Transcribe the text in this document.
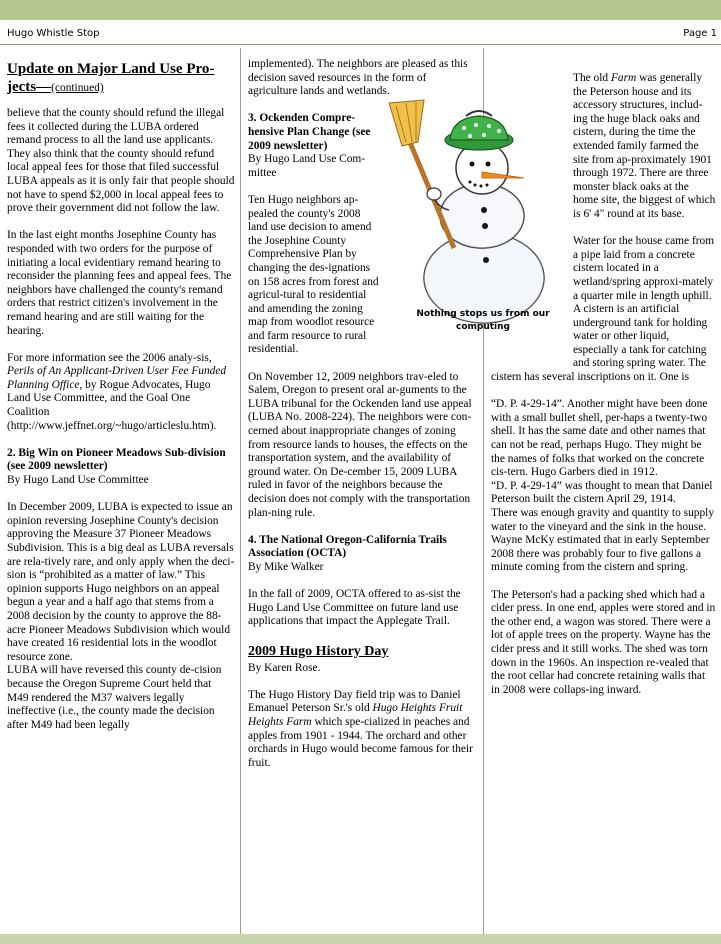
Hugo Whistle Stop	Page 1
Update on Major Land Use Pro-jects—(continued)

believe that the county should refund the illegal fees it collected during the LUBA ordered remand process to all the land use applicants. They also think that the county should refund local appeal fees for those that filed successful LUBA appeals as it is only fair that people should not have to spend $2,000 in local appeal fees to prove their government did not follow the law.

In the last eight months Josephine County has responded with two orders for the purpose of initiating a local evidentiary remand hearing to reconsider the planning fees and appeal fees. The neighbors have challenged the county's remand orders that restrict citizen's involvement in the remand hearing and are still waiting for the hearing.

For more information see the 2006 analy-sis, Perils of An Applicant-Driven User Fee Funded Planning Office, by Rogue Advocates, Hugo Land Use Committee, and the Goal One Coalition (http://www.jeffnet.org/~hugo/articleslu.htm).

2. Big Win on Pioneer Meadows Sub-division (see 2009 newsletter)

By Hugo Land Use Committee

In December 2009, LUBA is expected to issue an opinion reversing Josephine County's decision approving the Measure 37 Pioneer Meadows Subdivision. This is a big deal as LUBA reversals are rela-tively rare, and only apply when the deci-sion is “prohibited as a matter of law.” This opinion supports Hugo neighbors on an appeal begun a year and a half ago that stems from a 2008 decision by the county to approve the 88-acre Pioneer Meadows Subdivision which would have created 16 residential lots in the woodlot resource zone.

LUBA will have reversed this county de-cision because the Oregon Supreme Court held that M49 rendered the M37 waivers legally ineffective (i.e., the county made the decision after M49 had been legally

implemented). The neighbors are pleased as this decision saved resources in the form of agriculture lands and wetlands.

3. Ockenden Compre-hensive Plan Change (see 2009 newsletter)

By Hugo Land Use Com-mittee

Ten Hugo neighbors ap-pealed the county's 2008 land use decision to amend the Josephine County Comprehensive Plan by changing the des-ignations on 158 acres from forest and agricul-tural to residential and amending the zoning map from woodlot resource and farm resource to rural residential.

On November 12, 2009 neighbors trav-eled to Salem, Oregon to present oral ar-guments to the LUBA tribunal for the Ockenden land use appeal (LUBA No. 2008-224). The neighbors were con-cerned about inappropriate changes of zoning from resource lands to houses, the effects on the transportation system, and the availability of ground water. On De-cember 15, 2009 LUBA ruled in favor of the neighbors because the decision does not comply with the transportation plan-ning rule.

4. The National Oregon-California Trails Association (OCTA)

By Mike Walker

In the fall of 2009, OCTA offered to as-sist the Hugo Land Use Committee on future land use applications that impact the Applegate Trail.

2009 Hugo History Day

By Karen Rose.

The Hugo History Day field trip was to Daniel Emanuel Peterson Sr.'s old Hugo Heights Fruit Heights Farm which spe-cialized in peaches and apples from 1901 - 1944. The orchard and other orchards in Hugo would become famous for their fruit.

Nothing stops us from our computing

The old Farm was generally the Peterson house and its accessory structures, includ-ing the huge black oaks and cistern, during the time the extended family farmed the site from ap-proximately 1901 through 1972. There are three monster black oaks at the home site, the biggest of which is 6' 4" round at its base.

Water for the house came from a pipe laid from a concrete cistern located in a wetland/spring approxi-mately a quarter mile in length uphill. A cistern is an artificial underground tank for holding water or other liquid, especially a tank for catching and storing spring water. The cistern has several inscriptions on it. One is

“D. P. 4-29-14”. Another might have been done with a small bullet shell, per-haps a twenty-two shell. It has the same date and other names that can not be read, perhaps Hugo. They might be the names of folks that worked on the concrete cis-tern. Hugo Garbers died in 1912.
“D. P. 4-29-14” was thought to mean that Daniel Peterson built the cistern April 29, 1914.

There was enough gravity and quantity to supply water to the vineyard and the sink in the house. Wayne McKy estimated that in early September 2008 there was probably four to five gallons a minute coming from the cistern and spring.

The Peterson's had a packing shed which had a cider press. In one end, apples were stored and in the other end, a wagon was stored. There were a lot of apple trees on the property. Wayne has the cider press and it still works. The shed was torn down in the 1960s. An inspection re-vealed that the root cellar had concrete retaining walls that in 2008 were collaps-ing inward.
